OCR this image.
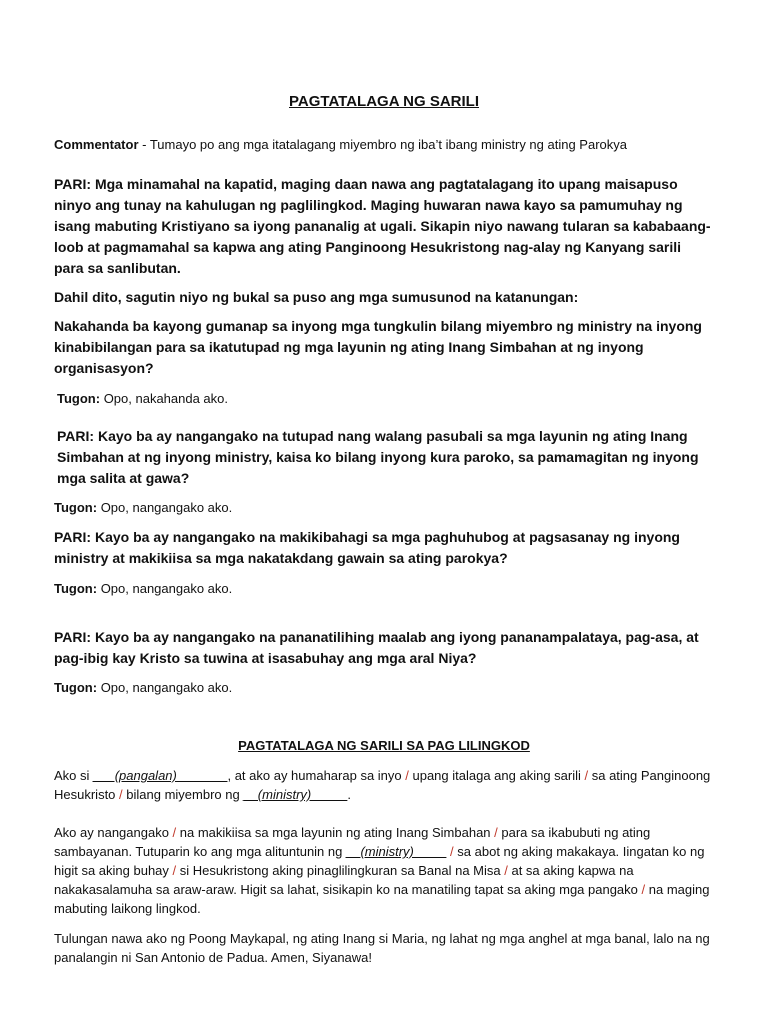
PAGTATALAGA NG SARILI

Commentator - Tumayo po ang mga itatalagang miyembro ng iba’t ibang ministry ng ating Parokya

PARI: Mga minamahal na kapatid, maging daan nawa ang pagtatalagang ito upang maisapuso ninyo ang tunay na kahulugan ng paglilingkod. Maging huwaran nawa kayo sa pamumuhay ng isang mabuting Kristiyano sa iyong pananalig at ugali. Sikapin niyo nawang tularan sa kababaang-loob at pagmamahal sa kapwa ang ating Panginoong Hesukristong nag-alay ng Kanyang sarili para sa sanlibutan.

Dahil dito, sagutin niyo ng bukal sa puso ang mga sumusunod na katanungan:

Nakahanda ba kayong gumanap sa inyong mga tungkulin bilang miyembro ng ministry na inyong kinabibilangan para sa ikatutupad ng mga layunin ng ating Inang Simbahan at ng inyong organisasyon?

Tugon: Opo, nakahanda ako.

PARI: Kayo ba ay nangangako na tutupad nang walang pasubali sa mga layunin ng ating Inang Simbahan at ng inyong ministry, kaisa ko bilang inyong kura paroko, sa pamamagitan ng inyong mga salita at gawa?

Tugon: Opo, nangangako ako.

PARI: Kayo ba ay nangangako na makikibahagi sa mga paghuhubog at pagsasanay ng inyong ministry at makikiisa sa mga nakatakdang gawain sa ating parokya?

Tugon: Opo, nangangako ako.

PARI: Kayo ba ay nangangako na pananatilihing maalab ang iyong pananampalataya, pag-asa, at pag-ibig kay Kristo sa tuwina at isasabuhay ang mga aral Niya?

Tugon: Opo, nangangako ako.

PAGTATALAGA NG SARILI SA PAG LILINGKOD

Ako si ___(pangalan)__ __ __, at ako ay humaharap sa inyo / upang italaga ang aking sarili / sa ating Panginoong Hesukristo / bilang miyembro ng __(ministry)_____.

Ako ay nangangako / na makikiisa sa mga layunin ng ating Inang Simbahan / para sa ikabubuti ng ating sambayanan. Tutuparin ko ang mga alituntunin ng __(ministry)__ __ / sa abot ng aking makakaya. Iingatan ko ng higit sa aking buhay / si Hesukristong aking pinaglilingkuran sa Banal na Misa / at sa aking kapwa na nakakasalamuha sa araw-araw. Higit sa lahat, sisikapin ko na manatiling tapat sa aking mga pangako / na maging mabuting laikong lingkod.

Tulungan nawa ako ng Poong Maykapal, ng ating Inang si Maria, ng lahat ng mga anghel at mga banal, lalo na ng panalangin ni San Antonio de Padua. Amen, Siyanawa!
